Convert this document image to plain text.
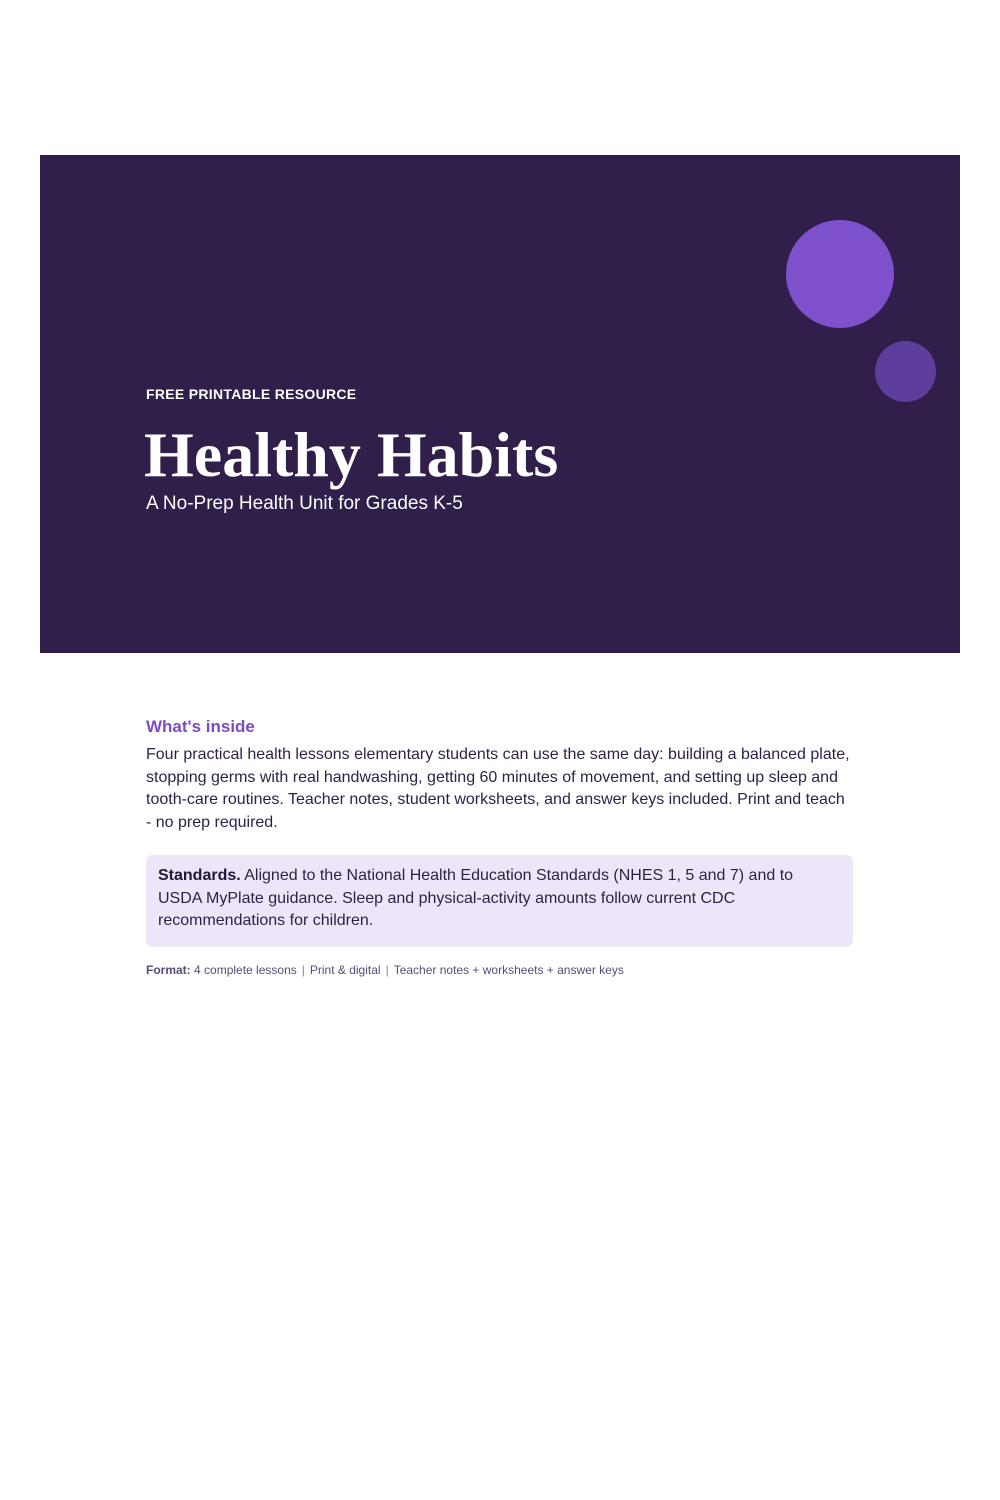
FREE PRINTABLE RESOURCE
Healthy Habits
A No-Prep Health Unit for Grades K-5
What's inside

Four practical health lessons elementary students can use the same day: building a balanced plate, stopping germs with real handwashing, getting 60 minutes of movement, and setting up sleep and tooth-care routines. Teacher notes, student worksheets, and answer keys included. Print and teach - no prep required.

Standards. Aligned to the National Health Education Standards (NHES 1, 5 and 7) and to USDA MyPlate guidance. Sleep and physical-activity amounts follow current CDC recommendations for children.
Format: 4 complete lessons | Print & digital | Teacher notes + worksheets + answer keys
